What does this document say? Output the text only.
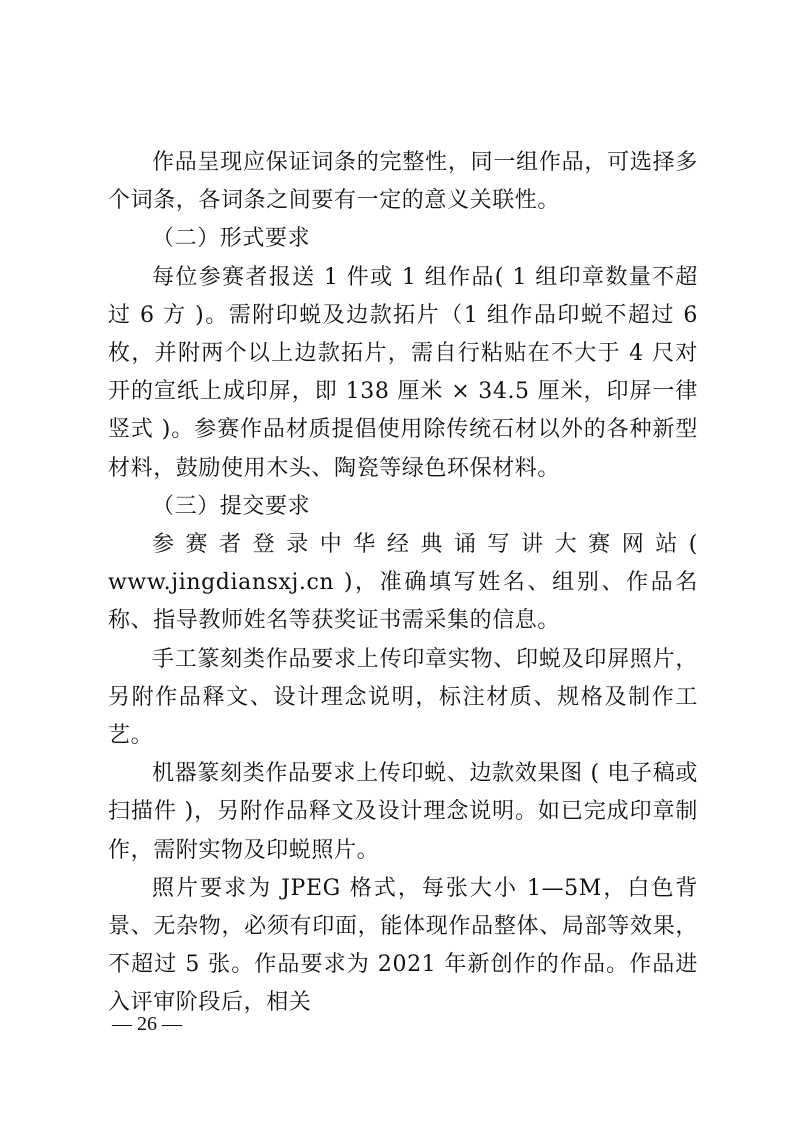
作品呈现应保证词条的完整性，同一组作品，可选择多个词条，各词条之间要有一定的意义关联性。

（二）形式要求

每位参赛者报送 1 件或 1 组作品( 1 组印章数量不超过 6 方 )。需附印蜕及边款拓片（1 组作品印蜕不超过 6 枚，并附两个以上边款拓片，需自行粘贴在不大于 4 尺对开的宣纸上成印屏，即 138 厘米 × 34.5 厘米，印屏一律竖式 )。参赛作品材质提倡使用除传统石材以外的各种新型材料，鼓励使用木头、陶瓷等绿色环保材料。

（三）提交要求

参赛者登录中华经典诵写讲大赛网站( www.jingdiansxj.cn )，准确填写姓名、组别、作品名称、指导教师姓名等获奖证书需采集的信息。

手工篆刻类作品要求上传印章实物、印蜕及印屏照片，另附作品释文、设计理念说明，标注材质、规格及制作工艺。

机器篆刻类作品要求上传印蜕、边款效果图 ( 电子稿或扫描件 )，另附作品释文及设计理念说明。如已完成印章制作，需附实物及印蜕照片。

照片要求为 JPEG 格式，每张大小 1—5M，白色背景、无杂物，必须有印面，能体现作品整体、局部等效果，不超过 5 张。作品要求为 2021 年新创作的作品。作品进入评审阶段后，相关

— 26 —
